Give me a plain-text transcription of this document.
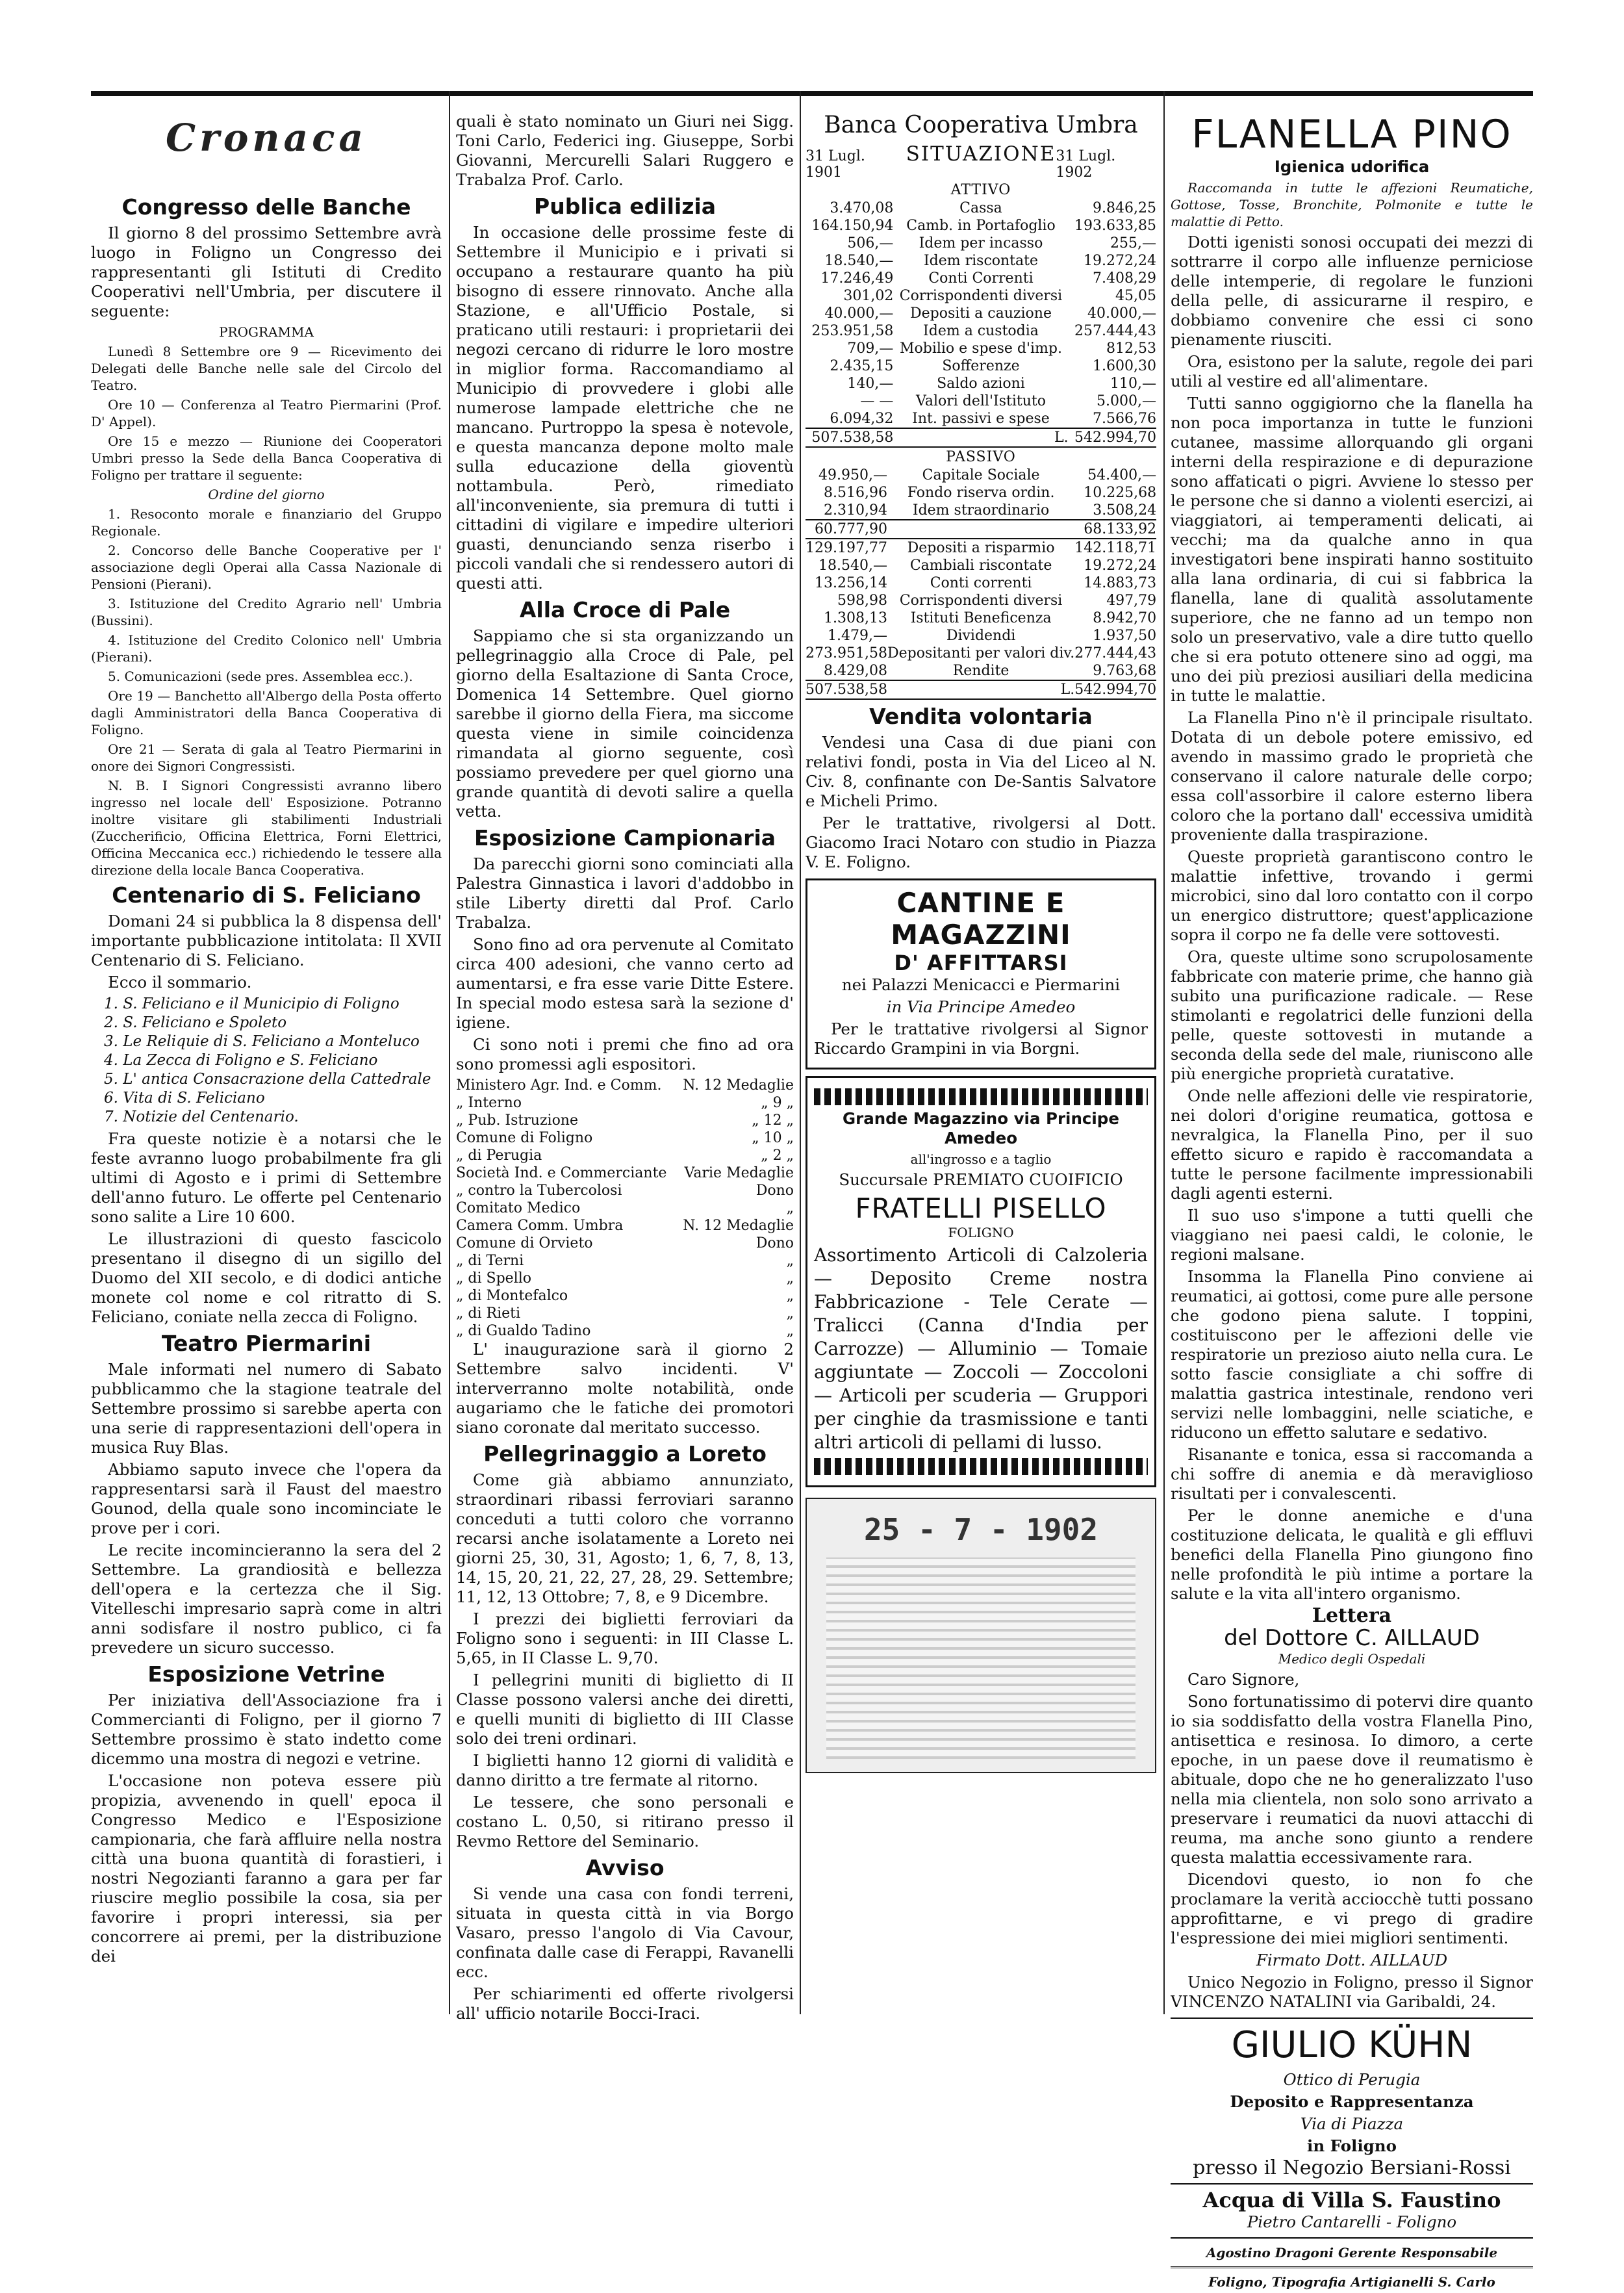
Cronaca
Congresso delle Banche

Il giorno 8 del prossimo Settembre avrà luogo in Foligno un Congresso dei rappresentanti gli Istituti di Credito Cooperativi nell'Umbria, per discutere il seguente:

PROGRAMMA

Lunedì 8 Settembre ore 9 — Ricevimento dei Delegati delle Banche nelle sale del Circolo del Teatro.

Ore 10 — Conferenza al Teatro Piermarini (Prof. D' Appel).

Ore 15 e mezzo — Riunione dei Cooperatori Umbri presso la Sede della Banca Cooperativa di Foligno per trattare il seguente:

Ordine del giorno

1. Resoconto morale e finanziario del Gruppo Regionale.

2. Concorso delle Banche Cooperative per l' associazione degli Operai alla Cassa Nazionale di Pensioni (Pierani).

3. Istituzione del Credito Agrario nell' Umbria (Bussini).

4. Istituzione del Credito Colonico nell' Umbria (Pierani).

5. Comunicazioni (sede pres. Assemblea ecc.).

Ore 19 — Banchetto all'Albergo della Posta offerto dagli Amministratori della Banca Cooperativa di Foligno.

Ore 21 — Serata di gala al Teatro Piermarini in onore dei Signori Congressisti.

N. B. I Signori Congressisti avranno libero ingresso nel locale dell' Esposizione. Potranno inoltre visitare gli stabilimenti Industriali (Zuccherificio, Officina Elettrica, Forni Elettrici, Officina Meccanica ecc.) richiedendo le tessere alla direzione della locale Banca Cooperativa.

Centenario di S. Feliciano

Domani 24 si pubblica la 8 dispensa dell' importante pubblicazione intitolata: Il XVII Centenario di S. Feliciano.

Ecco il sommario.

1. S. Feliciano e il Municipio di Foligno
2. S. Feliciano e Spoleto
3. Le Reliquie di S. Feliciano a Monteluco
4. La Zecca di Foligno e S. Feliciano
5. L' antica Consacrazione della Cattedrale
6. Vita di S. Feliciano
7. Notizie del Centenario.

Fra queste notizie è a notarsi che le feste avranno luogo probabilmente fra gli ultimi di Agosto e i primi di Settembre dell'anno futuro. Le offerte pel Centenario sono salite a Lire 10 600.

Le illustrazioni di questo fascicolo presentano il disegno di un sigillo del Duomo del XII secolo, e di dodici antiche monete col nome e col ritratto di S. Feliciano, coniate nella zecca di Foligno.

Teatro Piermarini

Male informati nel numero di Sabato pubblicammo che la stagione teatrale del Settembre prossimo si sarebbe aperta con una serie di rappresentazioni dell'opera in musica Ruy Blas.

Abbiamo saputo invece che l'opera da rappresentarsi sarà il Faust del maestro Gounod, della quale sono incominciate le prove per i cori.

Le recite incomincieranno la sera del 2 Settembre. La grandiosità e bellezza dell'opera e la certezza che il Sig. Vitelleschi impresario saprà come in altri anni sodisfare il nostro publico, ci fa prevedere un sicuro successo.

Esposizione Vetrine

Per iniziativa dell'Associazione fra i Commercianti di Foligno, per il giorno 7 Settembre prossimo è stato indetto come dicemmo una mostra di negozi e vetrine.

L'occasione non poteva essere più propizia, avvenendo in quell' epoca il Congresso Medico e l'Esposizione campionaria, che farà affluire nella nostra città una buona quantità di forastieri, i nostri Negozianti faranno a gara per far riuscire meglio possibile la cosa, sia per favorire i propri interessi, sia per concorrere ai premi, per la distribuzione dei

quali è stato nominato un Giuri nei Sigg. Toni Carlo, Federici ing. Giuseppe, Sorbi Giovanni, Mercurelli Salari Ruggero e Trabalza Prof. Carlo.

Publica edilizia

In occasione delle prossime feste di Settembre il Municipio e i privati si occupano a restaurare quanto ha più bisogno di essere rinnovato. Anche alla Stazione, e all'Ufficio Postale, si praticano utili restauri: i proprietarii dei negozi cercano di ridurre le loro mostre in miglior forma. Raccomandiamo al Municipio di provvedere i globi alle numerose lampade elettriche che ne mancano. Purtroppo la spesa è notevole, e questa mancanza depone molto male sulla educazione della gioventù nottambula. Però, rimediato all'inconveniente, sia premura di tutti i cittadini di vigilare e impedire ulteriori guasti, denunciando senza riserbo i piccoli vandali che si rendessero autori di questi atti.

Alla Croce di Pale

Sappiamo che si sta organizzando un pellegrinaggio alla Croce di Pale, pel giorno della Esaltazione di Santa Croce, Domenica 14 Settembre. Quel giorno sarebbe il giorno della Fiera, ma siccome questa viene in simile coincidenza rimandata al giorno seguente, così possiamo prevedere per quel giorno una grande quantità di devoti salire a quella vetta.

Esposizione Campionaria

Da parecchi giorni sono cominciati alla Palestra Ginnastica i lavori d'addobbo in stile Liberty diretti dal Prof. Carlo Trabalza.

Sono fino ad ora pervenute al Comitato circa 400 adesioni, che vanno certo ad aumentarsi, e fra esse varie Ditte Estere. In special modo estesa sarà la sezione d' igiene.

Ci sono noti i premi che fino ad ora sono promessi agli espositori.

Ministero Agr. Ind. e Comm.	N. 12 Medaglie
„ Interno	„ 9 „
„ Pub. Istruzione	„ 12 „
Comune di Foligno	„ 10 „
„ di Perugia	„ 2 „
Società Ind. e Commerciante	Varie Medaglie
„ contro la Tubercolosi	Dono
Comitato Medico	„
Camera Comm. Umbra	N. 12 Medaglie
Comune di Orvieto	Dono
„ di Terni	„
„ di Spello	„
„ di Montefalco	„
„ di Rieti	„
„ di Gualdo Tadino	„

L' inaugurazione sarà il giorno 2 Settembre salvo incidenti. V' interverranno molte notabilità, onde augariamo che le fatiche dei promotori siano coronate dal meritato successo.

Pellegrinaggio a Loreto

Come già abbiamo annunziato, straordinari ribassi ferroviari saranno conceduti a tutti coloro che vorranno recarsi anche isolatamente a Loreto nei giorni 25, 30, 31, Agosto; 1, 6, 7, 8, 13, 14, 15, 20, 21, 22, 27, 28, 29. Settembre; 11, 12, 13 Ottobre; 7, 8, e 9 Dicembre.

I prezzi dei biglietti ferroviari da Foligno sono i seguenti: in III Classe L. 5,65, in II Classe L. 9,70.

I pellegrini muniti di biglietto di II Classe possono valersi anche dei diretti, e quelli muniti di biglietto di III Classe solo dei treni ordinari.

I biglietti hanno 12 giorni di validità e danno diritto a tre fermate al ritorno.

Le tessere, che sono personali e costano L. 0,50, si ritirano presso il Revmo Rettore del Seminario.

Avviso

Si vende una casa con fondi terreni, situata in questa città in via Borgo Vasaro, presso l'angolo di Via Cavour, confinata dalle case di Ferappi, Ravanelli ecc.

Per schiarimenti ed offerte rivolgersi all' ufficio notarile Bocci-Iraci.

Banca Cooperativa Umbra
31 Lugl. 1901
SITUAZIONE 31 Lugl. 1902
ATTIVO
3.470,08	Cassa	9.846,25
164.150,94	Camb. in Portafoglio	193.633,85
506,—	Idem per incasso	255,—
18.540,—	Idem riscontate	19.272,24
17.246,49	Conti Correnti	7.408,29
301,02	Corrispondenti diversi	45,05
40.000,—	Depositi a cauzione	40.000,—
253.951,58	Idem a custodia	257.444,43
709,—	Mobilio e spese d'imp.	812,53
2.435,15	Sofferenze	1.600,30
140,—	Saldo azioni	110,—
— —	Valori dell'Istituto	5.000,—
6.094,32	Int. passivi e spese	7.566,76
507.538,58	L.	542.994,70
PASSIVO
49.950,—	Capitale Sociale	54.400,—
8.516,96	Fondo riserva ordin.	10.225,68
2.310,94	Idem straordinario	3.508,24
60.777,90		68.133,92
129.197,77	Depositi a risparmio	142.118,71
18.540,—	Cambiali riscontate	19.272,24
13.256,14	Conti correnti	14.883,73
598,98	Corrispondenti diversi	497,79
1.308,13	Istituti Beneficenza	8.942,70
1.479,—	Dividendi	1.937,50
273.951,58	Depositanti per valori div.	277.444,43
8.429,08	Rendite	9.763,68
507.538,58	L.	542.994,70
Vendita volontaria

Vendesi una Casa di due piani con relativi fondi, posta in Via del Liceo al N. Civ. 8, confinante con De-Santis Salvatore e Micheli Primo.

Per le trattative, rivolgersi al Dott. Giacomo Iraci Notaro con studio in Piazza V. E. Foligno.

CANTINE E MAGAZZINI
D' AFFITTARSI

nei Palazzi Menicacci e Piermarini

in Via Principe Amedeo

Per le trattative rivolgersi al Signor Riccardo Grampini in via Borgni.

Grande Magazzino via Principe Amedeo

all'ingrosso e a taglio

Succursale PREMIATO CUOIFICIO

FRATELLI PISELLO

FOLIGNO

Assortimento Articoli di Calzoleria — Deposito Creme nostra Fabbricazione - Tele Cerate — Tralicci (Canna d'India per Carrozze) — Alluminio — Tomaie aggiuntate — Zoccoli — Zoccoloni — Articoli per scuderia — Gruppori per cinghie da trasmissione e tanti altri articoli di pellami di lusso.

25 - 7 - 1902
FLANELLA PINO

Igienica udorifica

Raccomanda in tutte le affezioni Reumatiche, Gottose, Tosse, Bronchite, Polmonite e tutte le malattie di Petto.

Dotti igenisti sonosi occupati dei mezzi di sottrarre il corpo alle influenze perniciose delle intemperie, di regolare le funzioni della pelle, di assicurarne il respiro, e dobbiamo convenire che essi ci sono pienamente riusciti.

Ora, esistono per la salute, regole dei pari utili al vestire ed all'alimentare.

Tutti sanno oggigiorno che la flanella ha non poca importanza in tutte le funzioni cutanee, massime allorquando gli organi interni della respirazione e di depurazione sono affaticati o pigri. Avviene lo stesso per le persone che si danno a violenti esercizi, ai viaggiatori, ai temperamenti delicati, ai vecchi; ma da qualche anno in qua investigatori bene inspirati hanno sostituito alla lana ordinaria, di cui si fabbrica la flanella, lane di qualità assolutamente superiore, che ne fanno ad un tempo non solo un preservativo, vale a dire tutto quello che si era potuto ottenere sino ad oggi, ma uno dei più preziosi ausiliari della medicina in tutte le malattie.

La Flanella Pino n'è il principale risultato. Dotata di un debole potere emissivo, ed avendo in massimo grado le proprietà che conservano il calore naturale delle corpo; essa coll'assorbire il calore esterno libera coloro che la portano dall' eccessiva umidità proveniente dalla traspirazione.

Queste proprietà garantiscono contro le malattie infettive, trovando i germi microbici, sino dal loro contatto con il corpo un energico distruttore; quest'applicazione sopra il corpo ne fa delle vere sottovesti.

Ora, queste ultime sono scrupolosamente fabbricate con materie prime, che hanno già subito una purificazione radicale. — Rese stimolanti e regolatrici delle funzioni della pelle, queste sottovesti in mutande a seconda della sede del male, riuniscono alle più energiche proprietà curatative.

Onde nelle affezioni delle vie respiratorie, nei dolori d'origine reumatica, gottosa e nevralgica, la Flanella Pino, per il suo effetto sicuro e rapido è raccomandata a tutte le persone facilmente impressionabili dagli agenti esterni.

Il suo uso s'impone a tutti quelli che viaggiano nei paesi caldi, le colonie, le regioni malsane.

Insomma la Flanella Pino conviene ai reumatici, ai gottosi, come pure alle persone che godono piena salute. I toppini, costituiscono per le affezioni delle vie respiratorie un prezioso aiuto nella cura. Le sotto fascie consigliate a chi soffre di malattia gastrica intestinale, rendono veri servizi nelle lombaggini, nelle sciatiche, e riducono un effetto salutare e sedativo.

Risanante e tonica, essa si raccomanda a chi soffre di anemia e dà meraviglioso risultati per i convalescenti.

Per le donne anemiche e d'una costituzione delicata, le qualità e gli effluvi benefici della Flanella Pino giungono fino nelle profondità le più intime a portare la salute e la vita all'intero organismo.

Lettera

del Dottore C. AILLAUD

Medico degli Ospedali

Caro Signore,

Sono fortunatissimo di potervi dire quanto io sia soddisfatto della vostra Flanella Pino, antisettica e resinosa. Io dimoro, a certe epoche, in un paese dove il reumatismo è abituale, dopo che ne ho generalizzato l'uso nella mia clientela, non solo sono arrivato a preservare i reumatici da nuovi attacchi di reuma, ma anche sono giunto a rendere questa malattia eccessivamente rara.

Dicendovi questo, io non fo che proclamare la verità acciocchè tutti possano approfittarne, e vi prego di gradire l'espressione dei miei migliori sentimenti.

Firmato Dott. AILLAUD

Unico Negozio in Foligno, presso il Signor VINCENZO NATALINI via Garibaldi, 24.

GIULIO KÜHN

Ottico di Perugia

Deposito e Rappresentanza

Via di Piazza

in Foligno

presso il Negozio Bersiani-Rossi

Acqua di Villa S. Faustino

Pietro Cantarelli - Foligno

Agostino Dragoni Gerente Responsabile

Foligno, Tipografia Artigianelli S. Carlo
